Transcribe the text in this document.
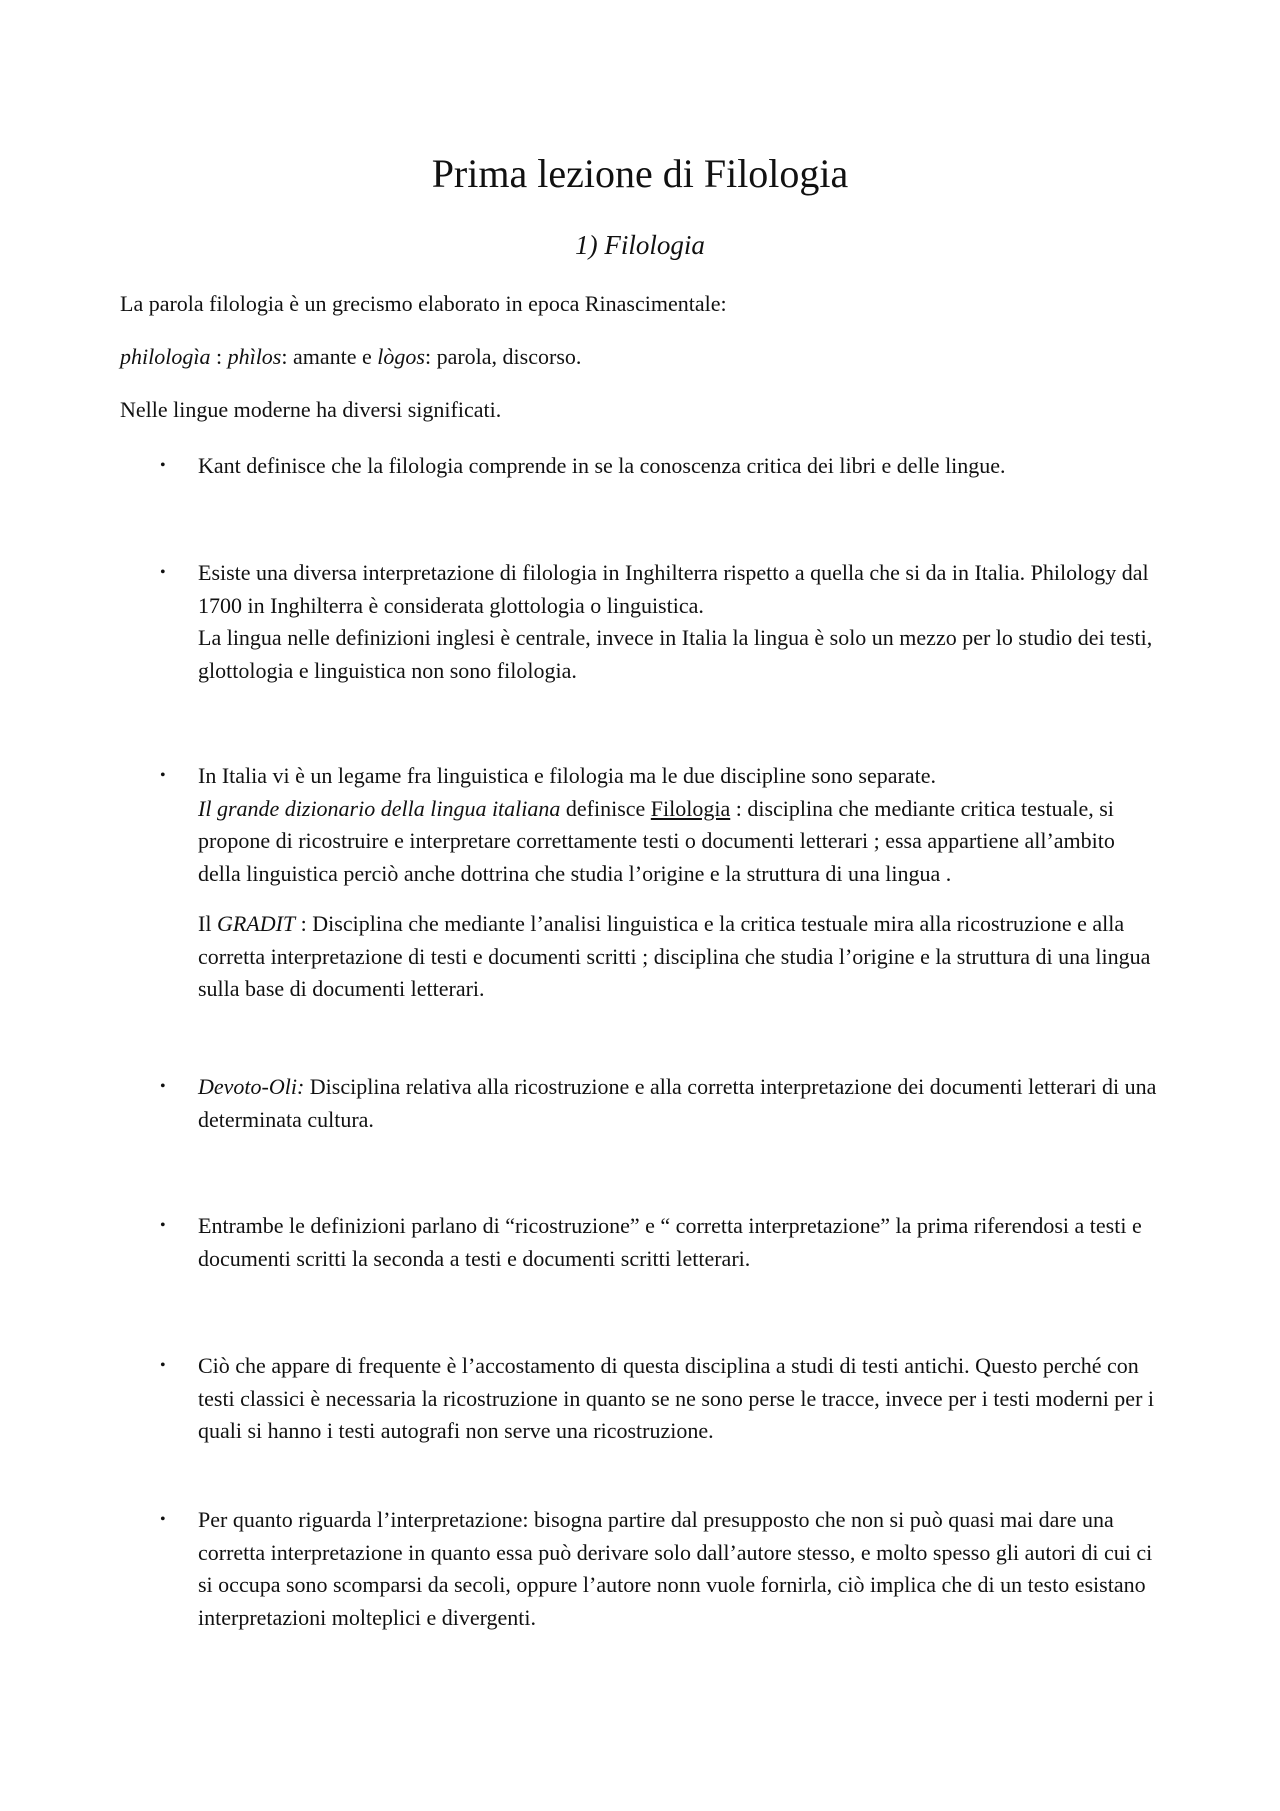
Prima lezione di Filologia
1) Filologia

La parola filologia è un grecismo elaborato in epoca Rinascimentale:

philologìa : phìlos: amante e lògos: parola, discorso.

Nelle lingue moderne ha diversi significati.

• Kant definisce che la filologia comprende in se la conoscenza critica dei libri e delle lingue.

• Esiste una diversa interpretazione di filologia in Inghilterra rispetto a quella che si da in Italia. Philology dal 1700 in Inghilterra è considerata glottologia o linguistica.

La lingua nelle definizioni inglesi è centrale, invece in Italia la lingua è solo un mezzo per lo studio dei testi, glottologia e linguistica non sono filologia.

• In Italia vi è un legame fra linguistica e filologia ma le due discipline sono separate.
Il grande dizionario della lingua italiana definisce Filologia : disciplina che mediante critica testuale, si propone di ricostruire e interpretare correttamente testi o documenti letterari ; essa appartiene all’ambito della linguistica perciò anche dottrina che studia l’origine e la struttura di una lingua .

Il GRADIT : Disciplina che mediante l’analisi linguistica e la critica testuale mira alla ricostruzione e alla corretta interpretazione di testi e documenti scritti ; disciplina che studia l’origine e la struttura di una lingua sulla base di documenti letterari.

• Devoto-Oli: Disciplina relativa alla ricostruzione e alla corretta interpretazione dei documenti letterari di una determinata cultura.

• Entrambe le definizioni parlano di “ricostruzione” e “ corretta interpretazione” la prima riferendosi a testi e documenti scritti la seconda a testi e documenti scritti letterari.

• Ciò che appare di frequente è l’accostamento di questa disciplina a studi di testi antichi. Questo perché con testi classici è necessaria la ricostruzione in quanto se ne sono perse le tracce, invece per i testi moderni per i quali si hanno i testi autografi non serve una ricostruzione.

• Per quanto riguarda l’interpretazione: bisogna partire dal presupposto che non si può quasi mai dare una corretta interpretazione in quanto essa può derivare solo dall’autore stesso, e molto spesso gli autori di cui ci si occupa sono scomparsi da secoli, oppure l’autore nonn vuole fornirla, ciò implica che di un testo esistano interpretazioni molteplici e divergenti.
